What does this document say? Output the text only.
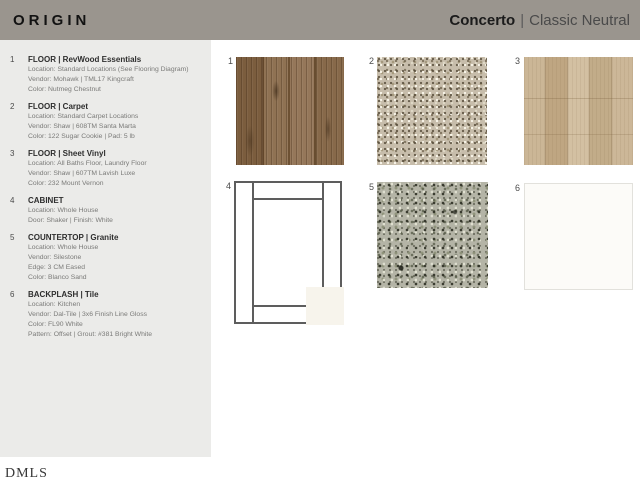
ORIGIN	Concerto | Classic Neutral
1	FLOOR | RevWood Essentials
Location: Standard Locations (See Flooring Diagram)
Vendor: Mohawk | TML17 Kingcraft
Color: Nutmeg Chestnut
2	FLOOR | Carpet
Location: Standard Carpet Locations
Vendor: Shaw | 608TM Santa Marta
Color: 122 Sugar Cookie | Pad: 5 lb
3	FLOOR | Sheet Vinyl
Location: All Baths Floor, Laundry Floor
Vendor: Shaw | 607TM Lavish Luxe
Color: 232 Mount Vernon
4	CABINET
Location: Whole House
Door: Shaker | Finish: White
5	COUNTERTOP | Granite
Location: Whole House
Vendor: Silestone
Edge: 3 CM Eased
Color: Blanco Sand
6	BACKPLASH | Tile
Location: Kitchen
Vendor: Dal-Tile | 3x6 Finish Line Gloss
Color: FL90 White
Pattern: Offset | Grout: #381 Bright White
DMLS
1	2	3
4	5	6
